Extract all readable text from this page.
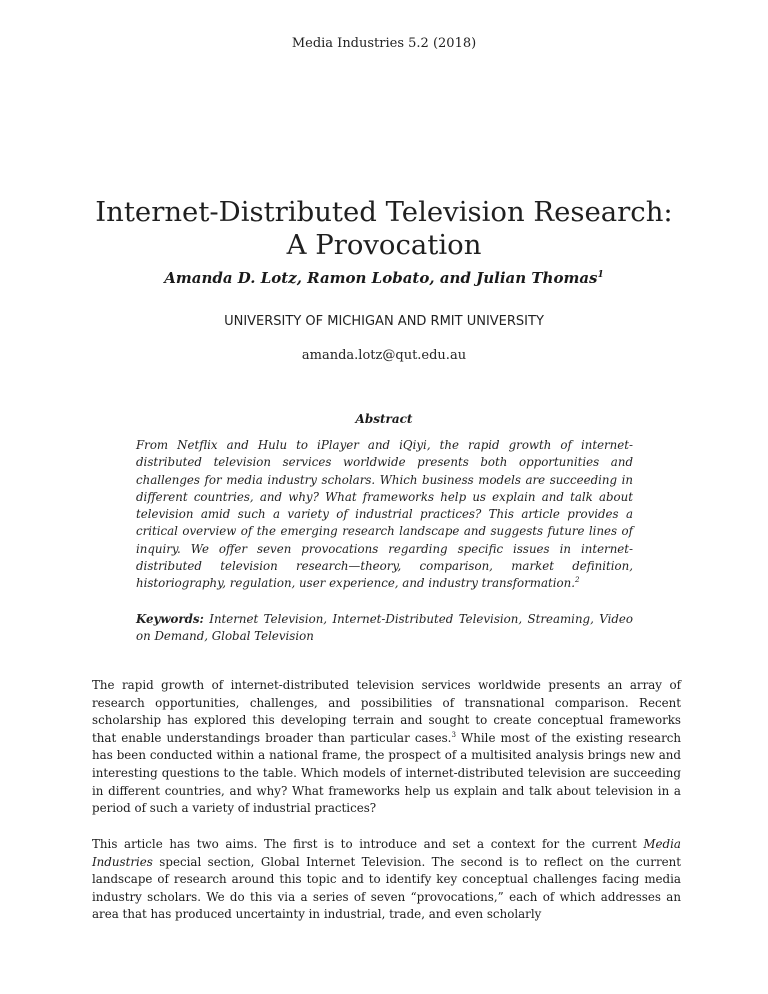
Media Industries 5.2 (2018)
Internet-Distributed Television Research:
A Provocation
Amanda D. Lotz, Ramon Lobato, and Julian Thomas$^1$
UNIVERSITY OF MICHIGAN AND RMIT UNIVERSITY
amanda.lotz@qut.edu.au
Abstract

From Netflix and Hulu to iPlayer and iQiyi, the rapid growth of internet-distributed television services worldwide presents both opportunities and challenges for media industry scholars. Which business models are succeeding in different countries, and why? What frameworks help us explain and talk about television amid such a variety of industrial practices? This article provides a critical overview of the emerging research landscape and suggests future lines of inquiry. We offer seven provocations regarding specific issues in internet-distributed television research—theory, comparison, market definition, historiography, regulation, user experience, and industry transformation.$^2$

Keywords: Internet Television, Internet-Distributed Television, Streaming, Video on Demand, Global Television

The rapid growth of internet-distributed television services worldwide presents an array of research opportunities, challenges, and possibilities of transnational comparison. Recent scholarship has explored this developing terrain and sought to create conceptual frameworks that enable understandings broader than particular cases.$^3$ While most of the existing research has been conducted within a national frame, the prospect of a multisited analysis brings new and interesting questions to the table. Which models of internet-distributed television are succeeding in different countries, and why? What frameworks help us explain and talk about television in a period of such a variety of industrial practices?

This article has two aims. The first is to introduce and set a context for the current Media Industries special section, Global Internet Television. The second is to reflect on the current landscape of research around this topic and to identify key conceptual challenges facing media industry scholars. We do this via a series of seven “provocations,” each of which addresses an area that has produced uncertainty in industrial, trade, and even scholarly
